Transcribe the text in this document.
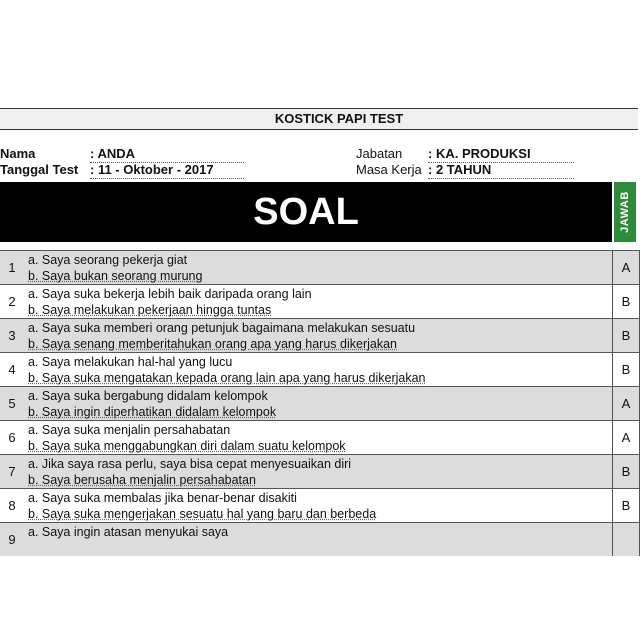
KOSTICK PAPI TEST
Nama	: ANDA
Tanggal Test : 11 - Oktober - 2017
Jabatan : KA. PRODUKSI
Masa Kerja : 2 TAHUN
SOAL	JAWAB
1 a. Saya seorang pekerja giat
b. Saya bukan seorang murung
A
2 a. Saya suka bekerja lebih baik daripada orang lain
b. Saya melakukan pekerjaan hingga tuntas
B
3 a. Saya suka memberi orang petunjuk bagaimana melakukan sesuatu
b. Saya senang memberitahukan orang apa yang harus dikerjakan
B
4 a. Saya melakukan hal-hal yang lucu
b. Saya suka mengatakan kepada orang lain apa yang harus dikerjakan
B
5 a. Saya suka bergabung didalam kelompok
b. Saya ingin diperhatikan didalam kelompok
A
6 a. Saya suka menjalin persahabatan
b. Saya suka menggabungkan diri dalam suatu kelompok
A
7 a. Jika saya rasa perlu, saya bisa cepat menyesuaikan diri
b. Saya berusaha menjalin persahabatan
B
8 a. Saya suka membalas jika benar-benar disakiti
b. Saya suka mengerjakan sesuatu hal yang baru dan berbeda
B
9 a. Saya ingin atasan menyukai saya
